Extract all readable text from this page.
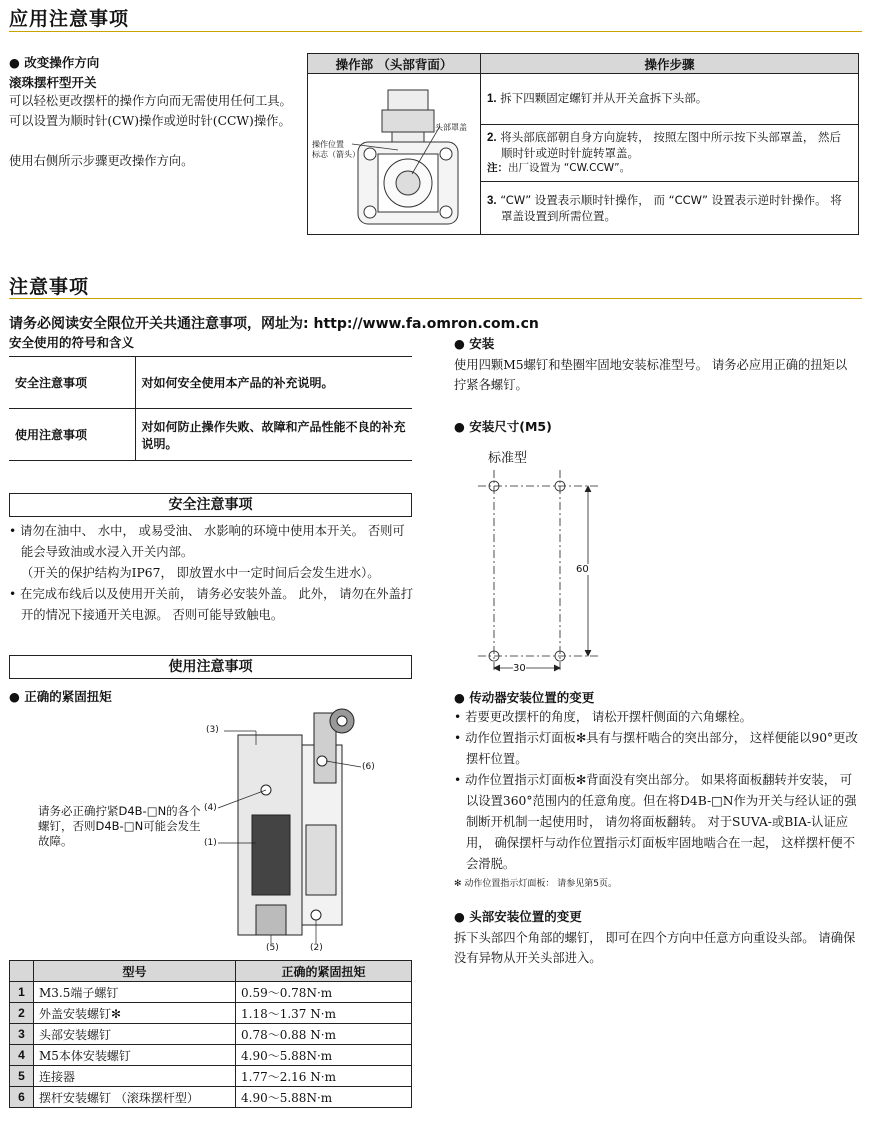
应用注意事项
● 改变操作方向
滚珠摆杆型开关
可以轻松更改摆杆的操作方向而无需使用任何工具。 可以设置为顺时针(CW)操作或逆时针(CCW)操作。
使用右侧所示步骤更改操作方向。
操作部 （头部背面）	操作步骤

头部罩盖
操作位置
标志（箭头）	1. 拆下四颗固定螺钉并从开关盒拆下头部。

	2. 将头部底部朝自身方向旋转， 按照左图中所示按下头部罩盖， 然后顺时针或逆时针旋转罩盖。
注：出厂设置为 “CW.CCW”。

	3. “CW” 设置表示顺时针操作， 而 “CCW” 设置表示逆时针操作。 将罩盖设置到所需位置。
注意事项
请务必阅读安全限位开关共通注意事项，网址为: http://www.fa.omron.com.cn
安全使用的符号和含义
安全注意事项	对如何安全使用本产品的补充说明。
使用注意事项	对如何防止操作失败、故障和产品性能不良的补充说明。
安全注意事项
• 请勿在油中、 水中， 或易受油、 水影响的环境中使用本开关。 否则可能会导致油或水浸入开关内部。
（开关的保护结构为IP67， 即放置水中一定时间后会发生进水）。
• 在完成布线后以及使用开关前， 请务必安装外盖。 此外， 请勿在外盖打开的情况下接通开关电源。 否则可能导致触电。
使用注意事项
● 正确的紧固扭矩
(3)
(6)
(4)
(1)
(5)	(2)
请务必正确拧紧D4B-□N的各个螺钉，否则D4B-□N可能会发生故障。
	型号	正确的紧固扭矩
1	M3.5端子螺钉	0.59～0.78N·m
2	外盖安装螺钉✻	1.18～1.37 N·m
3	头部安装螺钉	0.78～0.88 N·m
4	M5本体安装螺钉	4.90～5.88N·m
5	连接器	1.77～2.16 N·m
6	摆杆安装螺钉 （滚珠摆杆型）	4.90～5.88N·m
● 安装
使用四颗M5螺钉和垫圈牢固地安装标准型号。 请务必应用正确的扭矩以拧紧各螺钉。
● 安装尺寸(M5)
标准型
60
30
● 传动器安装位置的变更
• 若要更改摆杆的角度， 请松开摆杆侧面的六角螺栓。
• 动作位置指示灯面板✻具有与摆杆啮合的突出部分， 这样便能以90°更改摆杆位置。
• 动作位置指示灯面板✻背面没有突出部分。 如果将面板翻转并安装， 可以设置360°范围内的任意角度。但在将D4B-□N作为开关与经认证的强制断开机制一起使用时， 请勿将面板翻转。 对于SUVA-或BIA-认证应用， 确保摆杆与动作位置指示灯面板牢固地啮合在一起， 这样摆杆便不会滑脱。
✻ 动作位置指示灯面板： 请参见第5页。
● 头部安装位置的变更
拆下头部四个角部的螺钉， 即可在四个方向中任意方向重设头部。 请确保没有异物从开关头部进入。
